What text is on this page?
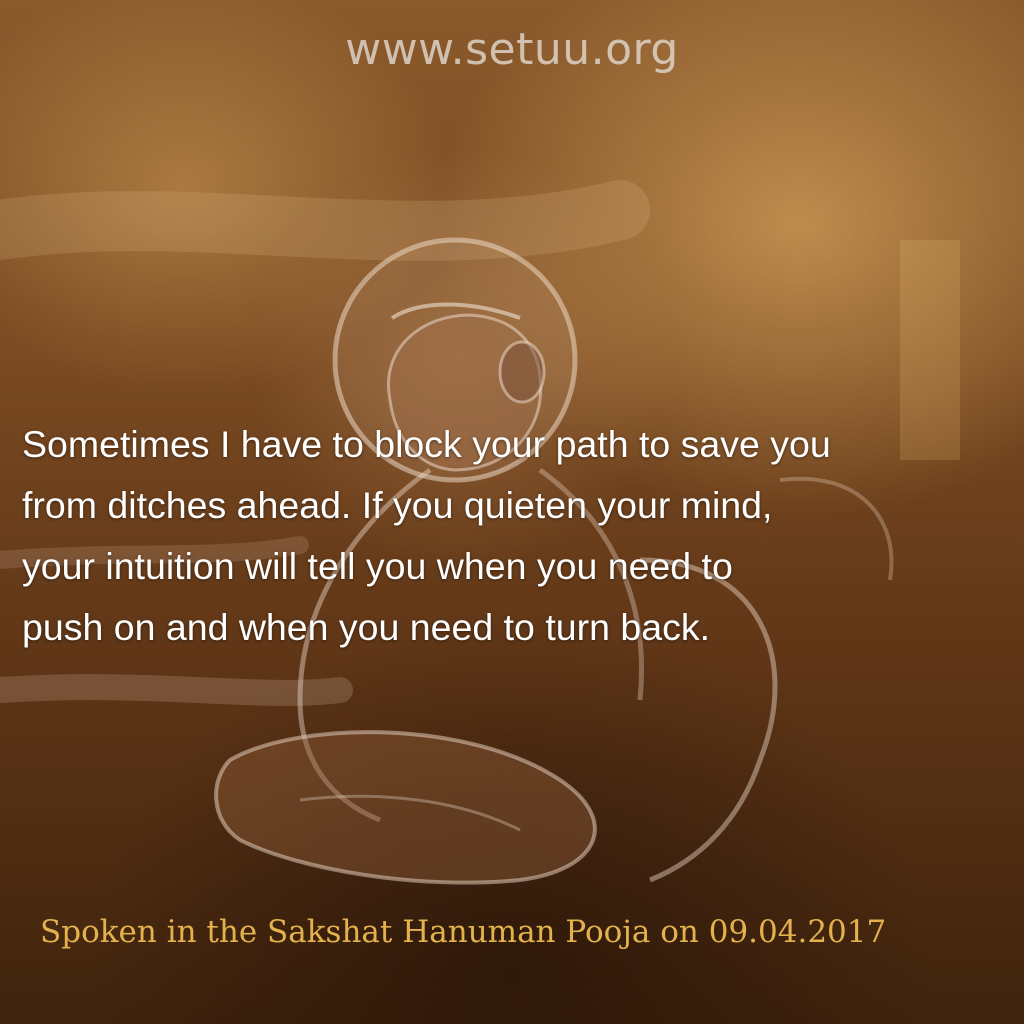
www.setuu.org
Sometimes I have to block your path to save you
from ditches ahead. If you quieten your mind,
your intuition will tell you when you need to
push on and when you need to turn back.
Spoken in the Sakshat Hanuman Pooja on 09.04.2017
